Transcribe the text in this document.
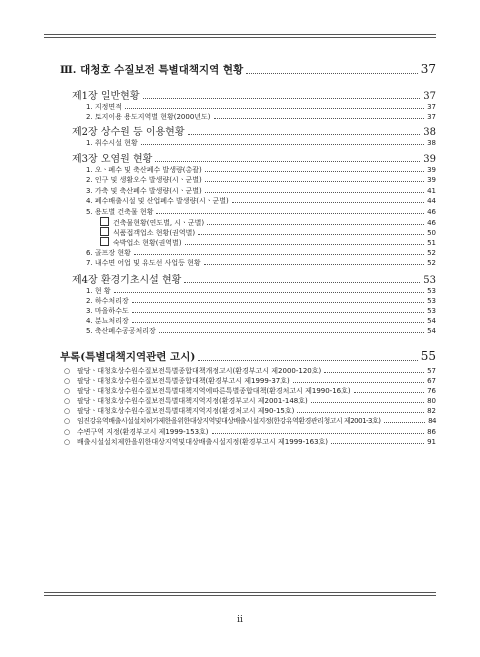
Ⅲ. 대청호 수질보전 특별대책지역 현황	37
제1장 일반현황	37
1. 지정면적	37
2. 토지이용 용도지역별 현황(2000년도)	37
제2장 상수원 등 이용현황	38
1. 취수시설 현황	38
제3장 오염원 현황	39
1. 오ㆍ폐수 및 축산폐수 발생량(총괄)	39
2. 인구 및 생활오수 발생량(시ㆍ군별)	39
3. 가축 및 축산폐수 발생량(시ㆍ군별)	41
4. 폐수배출시설 및 산업폐수 발생량(시ㆍ군별)	44
5. 용도별 건축물 현황	46
건축물현황(연도별, 시ㆍ군별)	46
식품접객업소 현황(권역별)	50
숙박업소 현황(권역별)	51
6. 골프장 현황	52
7. 내수면 어업 및 유도선 사업등 현황	52
제4장 환경기초시설 현황	53
1. 현 황	53
2. 하수처리장	53
3. 마을하수도	53
4. 분뇨처리장	54
5. 축산폐수공공처리장	54
부록(특별대책지역관련 고시)	55
○ 팔당ㆍ대청호상수원수질보전특별종합대책개정고시(환경부고시 제2000-120호)	57
○ 팔당ㆍ대청호상수원수질보전특별종합대책(환경부고시 제1999-37호)	67
○ 팔당ㆍ대청호상수원수질보전특별대책지역에따른특별종합대책(환경처고시 제1990-16호)	76
○ 팔당ㆍ대청호상수원수질보전특별대책지역지정(환경부고시 제2001-148호)	80
○ 팔당ㆍ대청호상수원수질보전특별대책지역지정(환경처고시 제90-15호)	82
○ 임진강유역배출시설설치허가제한을위한대상지역및대상배출시설지정(한강유역환경관리청고시 제2001-3호)	84
○ 수변구역 지정(환경부고시 제1999-153호)	86
○ 배출시설설치제한을위한대상지역및대상배출시설지정(환경부고시 제1999-163호)	91
ii
